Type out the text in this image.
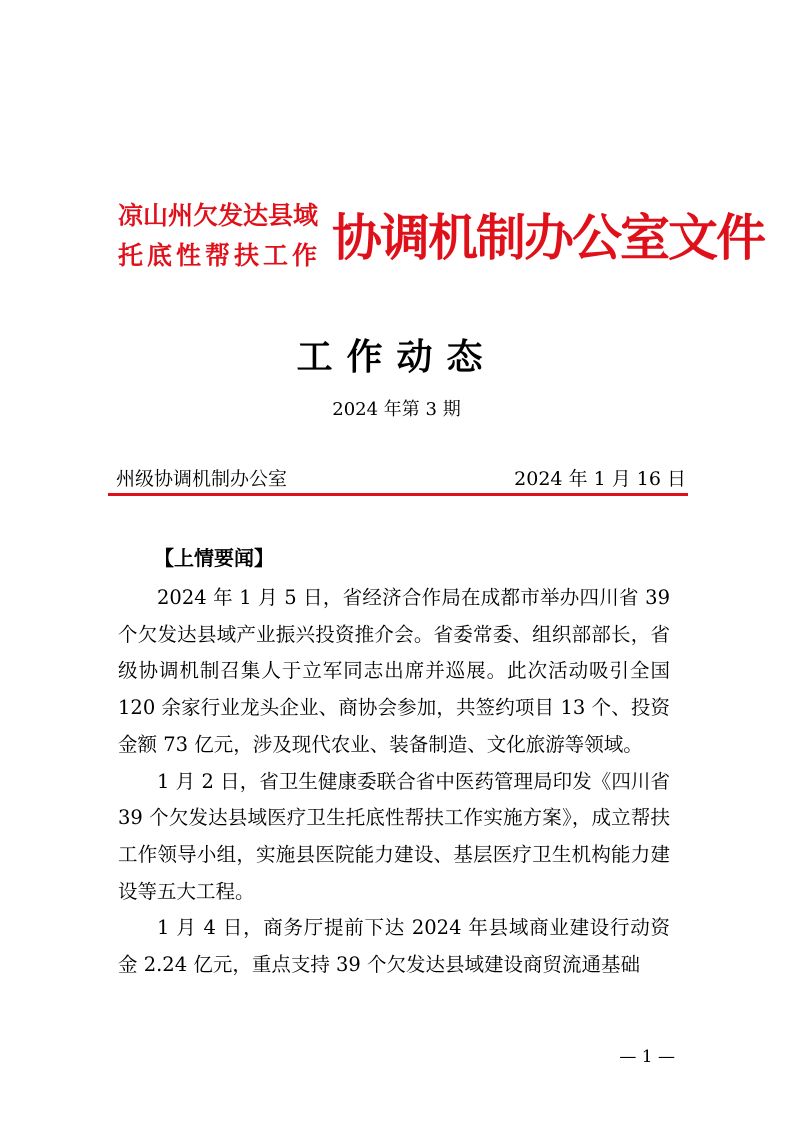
凉山州欠发达县域
托底性帮扶工作 协调机制办公室文件
工作动态
2024 年第 3 期
州级协调机制办公室	2024 年 1 月 16 日
【上情要闻】

2024 年 1 月 5 日，省经济合作局在成都市举办四川省 39 个欠发达县域产业振兴投资推介会。省委常委、组织部部长，省级协调机制召集人于立军同志出席并巡展。此次活动吸引全国 120 余家行业龙头企业、商协会参加，共签约项目 13 个、投资金额 73 亿元，涉及现代农业、装备制造、文化旅游等领域。

1 月 2 日，省卫生健康委联合省中医药管理局印发《四川省 39 个欠发达县域医疗卫生托底性帮扶工作实施方案》，成立帮扶工作领导小组，实施县医院能力建设、基层医疗卫生机构能力建设等五大工程。

1 月 4 日，商务厅提前下达 2024 年县域商业建设行动资金 2.24 亿元，重点支持 39 个欠发达县域建设商贸流通基础

— 1 —
